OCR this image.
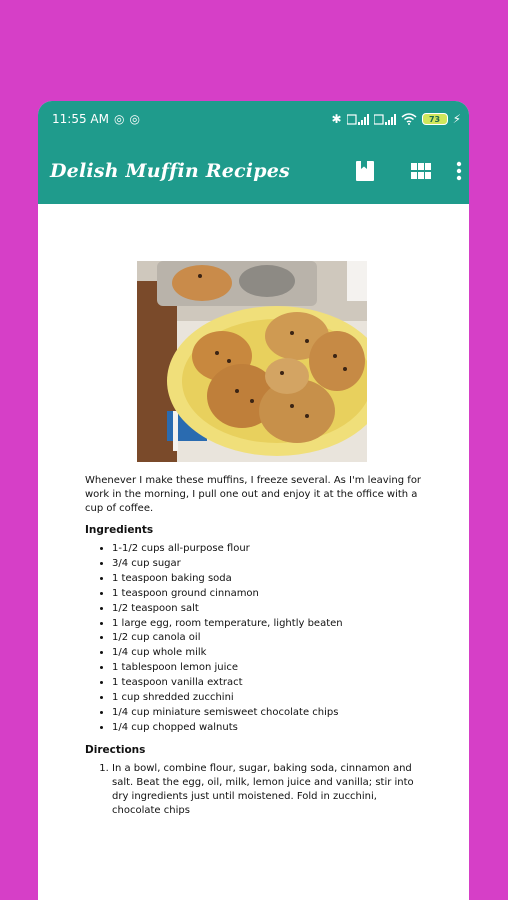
11:55 AM ◎ ◎	✱	73	⚡
Delish Muffin Recipes

Whenever I make these muffins, I freeze several. As I'm leaving for work in the morning, I pull one out and enjoy it at the office with a cup of coffee.

Ingredients
• 1-1/2 cups all-purpose flour
• 3/4 cup sugar
• 1 teaspoon baking soda
• 1 teaspoon ground cinnamon
• 1/2 teaspoon salt
• 1 large egg, room temperature, lightly beaten
• 1/2 cup canola oil
• 1/4 cup whole milk
• 1 tablespoon lemon juice
• 1 teaspoon vanilla extract
• 1 cup shredded zucchini
• 1/4 cup miniature semisweet chocolate chips
• 1/4 cup chopped walnuts
Directions
1. In a bowl, combine flour, sugar, baking soda, cinnamon and salt. Beat the egg, oil, milk, lemon juice and vanilla; stir into dry ingredients just until moistened. Fold in zucchini, chocolate chips
